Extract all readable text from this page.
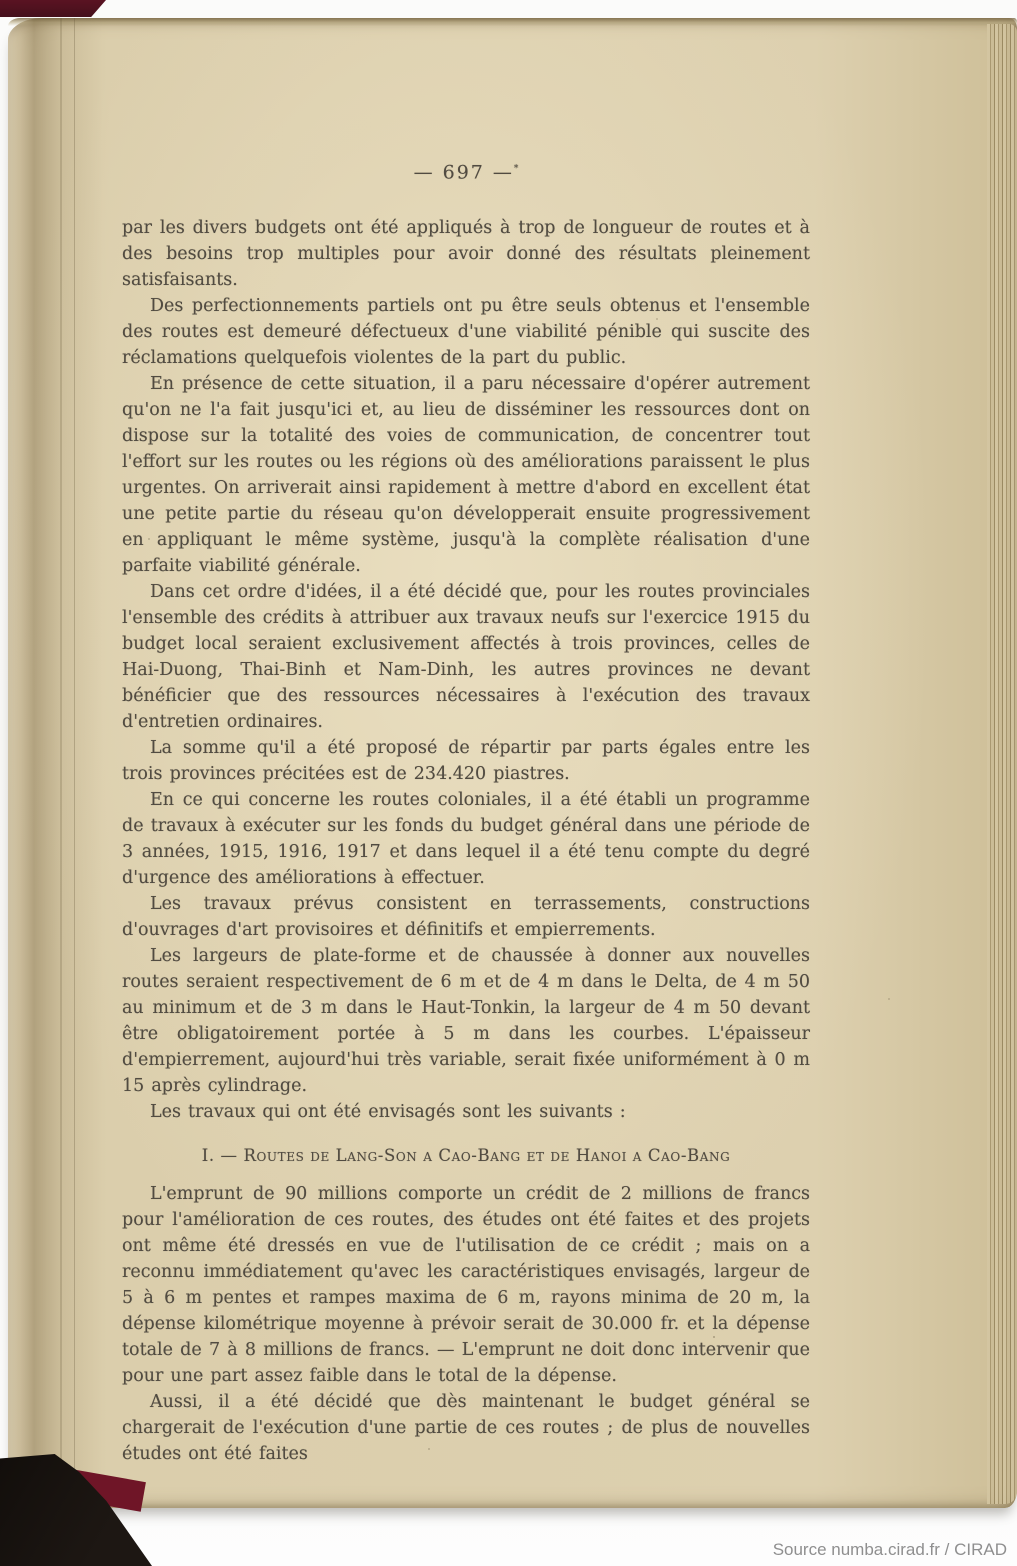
— 697 —*

par les divers budgets ont été appliqués à trop de longueur de routes et à des besoins trop multiples pour avoir donné des résultats pleinement satisfaisants.

Des perfectionnements partiels ont pu être seuls obtenus et l'ensemble des routes est demeuré défectueux d'une viabilité pénible qui suscite des réclamations quelquefois violentes de la part du public.

En présence de cette situation, il a paru nécessaire d'opérer autrement qu'on ne l'a fait jusqu'ici et, au lieu de disséminer les ressources dont on dispose sur la totalité des voies de communication, de concentrer tout l'effort sur les routes ou les régions où des améliorations paraissent le plus urgentes. On arriverait ainsi rapidement à mettre d'abord en excellent état une petite partie du réseau qu'on développerait ensuite progressivement en appliquant le même système, jusqu'à la complète réalisation d'une parfaite viabilité générale.

Dans cet ordre d'idées, il a été décidé que, pour les routes provinciales l'ensemble des crédits à attribuer aux travaux neufs sur l'exercice 1915 du budget local seraient exclusivement affectés à trois provinces, celles de Hai-Duong, Thai-Binh et Nam-Dinh, les autres provinces ne devant bénéficier que des ressources nécessaires à l'exécution des travaux d'entretien ordinaires.

La somme qu'il a été proposé de répartir par parts égales entre les trois provinces précitées est de 234.420 piastres.

En ce qui concerne les routes coloniales, il a été établi un programme de travaux à exécuter sur les fonds du budget général dans une période de 3 années, 1915, 1916, 1917 et dans lequel il a été tenu compte du degré d'urgence des améliorations à effectuer.

Les travaux prévus consistent en terrassements, constructions d'ouvrages d'art provisoires et définitifs et empierrements.

Les largeurs de plate-forme et de chaussée à donner aux nouvelles routes seraient respectivement de 6 m et de 4 m dans le Delta, de 4 m 50 au minimum et de 3 m dans le Haut-Tonkin, la largeur de 4 m 50 devant être obligatoirement portée à 5 m dans les courbes. L'épaisseur d'empierrement, aujourd'hui très variable, serait fixée uniformément à 0 m 15 après cylindrage.

Les travaux qui ont été envisagés sont les suivants :

I. — Routes de Lang-Son a Cao-Bang et de Hanoi a Cao-Bang

L'emprunt de 90 millions comporte un crédit de 2 millions de francs pour l'amélioration de ces routes, des études ont été faites et des projets ont même été dressés en vue de l'utilisation de ce crédit ; mais on a reconnu immédiatement qu'avec les caractéristiques envisagés, largeur de 5 à 6 m pentes et rampes maxima de 6 m, rayons minima de 20 m, la dépense kilométrique moyenne à prévoir serait de 30.000 fr. et la dépense totale de 7 à 8 millions de francs. — L'emprunt ne doit donc intervenir que pour une part assez faible dans le total de la dépense.

Aussi, il a été décidé que dès maintenant le budget général se chargerait de l'exécution d'une partie de ces routes ; de plus de nouvelles études ont été faites

Source numba.cirad.fr / CIRAD
